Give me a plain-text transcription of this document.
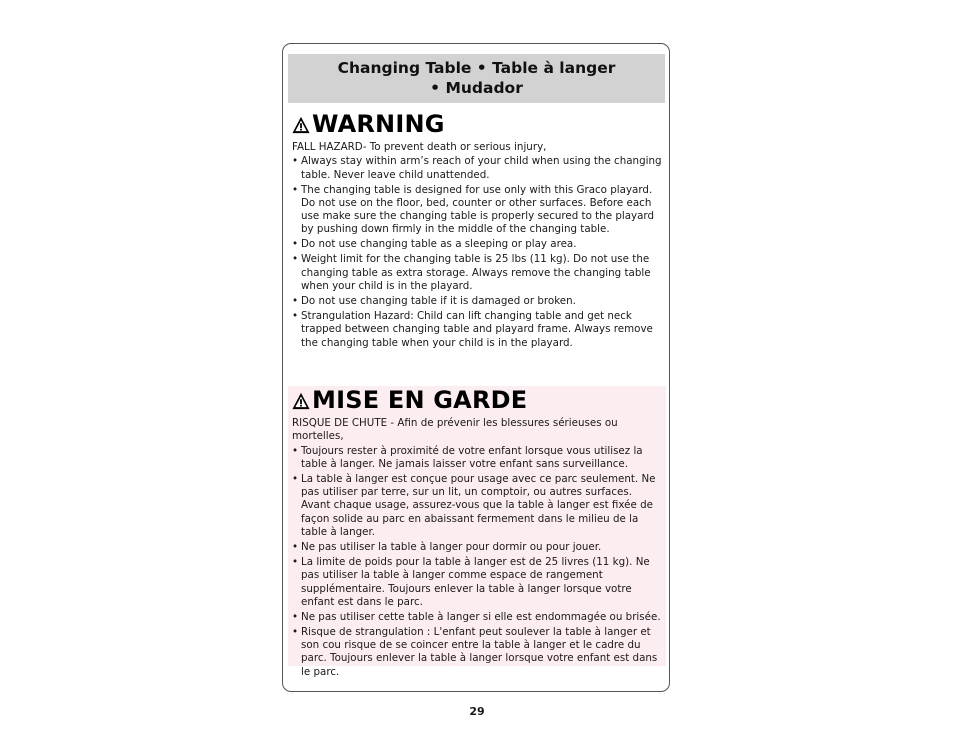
Changing Table • Table à langer
• Mudador
WARNING
FALL HAZARD- To prevent death or serious injury,
• Always stay within arm’s reach of your child when using the changing table. Never leave child unattended.
• The changing table is designed for use only with this Graco playard. Do not use on the floor, bed, counter or other surfaces. Before each use make sure the changing table is properly secured to the playard by pushing down firmly in the middle of the changing table.
• Do not use changing table as a sleeping or play area.
• Weight limit for the changing table is 25 lbs (11 kg). Do not use the changing table as extra storage. Always remove the changing table when your child is in the playard.
• Do not use changing table if it is damaged or broken.
• Strangulation Hazard: Child can lift changing table and get neck trapped between changing table and playard frame. Always remove the changing table when your child is in the playard.
MISE EN GARDE
RISQUE DE CHUTE - Afin de prévenir les blessures sérieuses ou mortelles,
• Toujours rester à proximité de votre enfant lorsque vous utilisez la table à langer. Ne jamais laisser votre enfant sans surveillance.
• La table à langer est conçue pour usage avec ce parc seulement. Ne pas utiliser par terre, sur un lit, un comptoir, ou autres surfaces. Avant chaque usage, assurez-vous que la table à langer est fixée de façon solide au parc en abaissant fermement dans le milieu de la table à langer.
• Ne pas utiliser la table à langer pour dormir ou pour jouer.
• La limite de poids pour la table à langer est de 25 livres (11 kg). Ne pas utiliser la table à langer comme espace de rangement supplémentaire. Toujours enlever la table à langer lorsque votre enfant est dans le parc.
• Ne pas utiliser cette table à langer si elle est endommagée ou brisée.
• Risque de strangulation : L'enfant peut soulever la table à langer et son cou risque de se coincer entre la table à langer et le cadre du parc. Toujours enlever la table à langer lorsque votre enfant est dans le parc.
29
